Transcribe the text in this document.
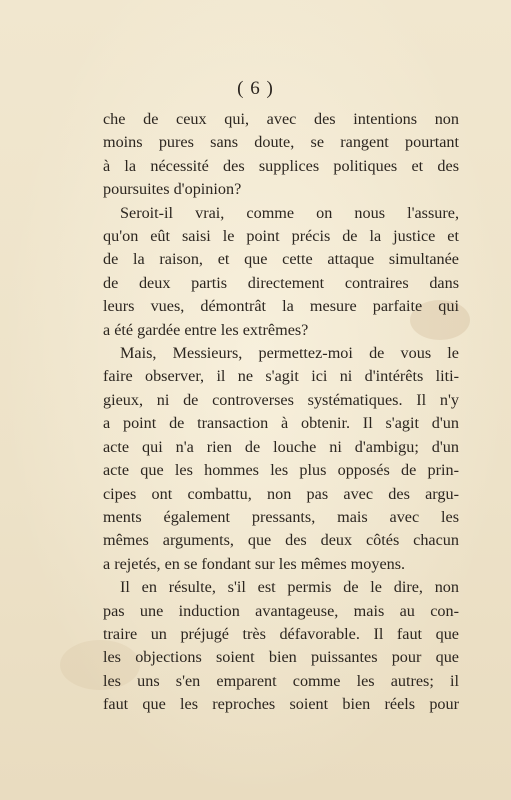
( 6 )
che de ceux qui, avec des intentions non
moins pures sans doute, se rangent pourtant
à la nécessité des supplices politiques et des
poursuites d'opinion?
Seroit-il vrai, comme on nous l'assure,
qu'on eût saisi le point précis de la justice et
de la raison, et que cette attaque simultanée
de deux partis directement contraires dans
leurs vues, démontrât la mesure parfaite qui
a été gardée entre les extrêmes?
Mais, Messieurs, permettez-moi de vous le
faire observer, il ne s'agit ici ni d'intérêts liti-
gieux, ni de controverses systématiques. Il n'y
a point de transaction à obtenir. Il s'agit d'un
acte qui n'a rien de louche ni d'ambigu; d'un
acte que les hommes les plus opposés de prin-
cipes ont combattu, non pas avec des argu-
ments également pressants, mais avec les
mêmes arguments, que des deux côtés chacun
a rejetés, en se fondant sur les mêmes moyens.
Il en résulte, s'il est permis de le dire, non
pas une induction avantageuse, mais au con-
traire un préjugé très défavorable. Il faut que
les objections soient bien puissantes pour que
les uns s'en emparent comme les autres; il
faut que les reproches soient bien réels pour
